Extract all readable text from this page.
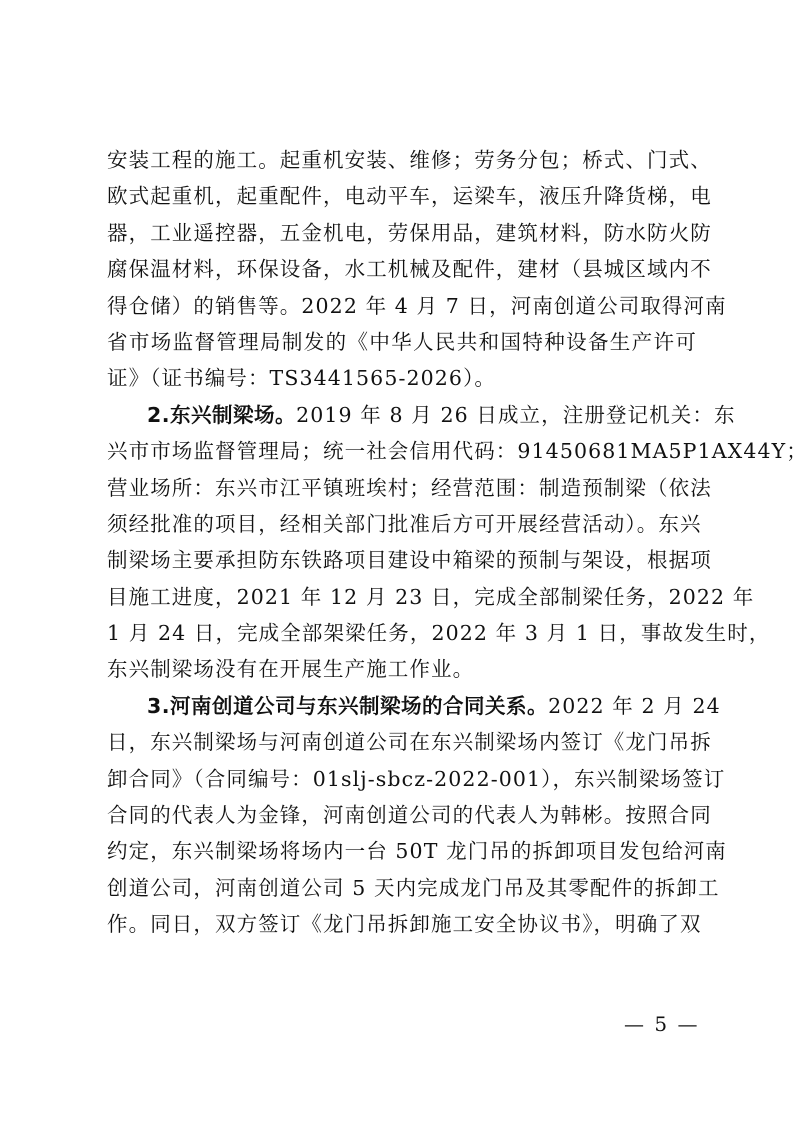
安装工程的施工。起重机安装、维修；劳务分包；桥式、门式、
欧式起重机，起重配件，电动平车，运梁车，液压升降货梯，电
器，工业遥控器，五金机电，劳保用品，建筑材料，防水防火防
腐保温材料，环保设备，水工机械及配件，建材（县城区域内不
得仓储）的销售等。2022 年 4 月 7 日，河南创道公司取得河南
省市场监督管理局制发的《中华人民共和国特种设备生产许可
证》（证书编号：TS3441565-2026）。
2.东兴制梁场。2019 年 8 月 26 日成立，注册登记机关：东
兴市市场监督管理局；统一社会信用代码：91450681MA5P1AX44Y；
营业场所：东兴市江平镇班埃村；经营范围：制造预制梁（依法
须经批准的项目，经相关部门批准后方可开展经营活动）。东兴
制梁场主要承担防东铁路项目建设中箱梁的预制与架设，根据项
目施工进度，2021 年 12 月 23 日，完成全部制梁任务，2022 年
1 月 24 日，完成全部架梁任务，2022 年 3 月 1 日，事故发生时，
东兴制梁场没有在开展生产施工作业。
3.河南创道公司与东兴制梁场的合同关系。2022 年 2 月 24
日，东兴制梁场与河南创道公司在东兴制梁场内签订《龙门吊拆
卸合同》（合同编号：01slj-sbcz-2022-001），东兴制梁场签订
合同的代表人为金锋，河南创道公司的代表人为韩彬。按照合同
约定，东兴制梁场将场内一台 50T 龙门吊的拆卸项目发包给河南
创道公司，河南创道公司 5 天内完成龙门吊及其零配件的拆卸工
作。同日，双方签订《龙门吊拆卸施工安全协议书》，明确了双
— 5 —
